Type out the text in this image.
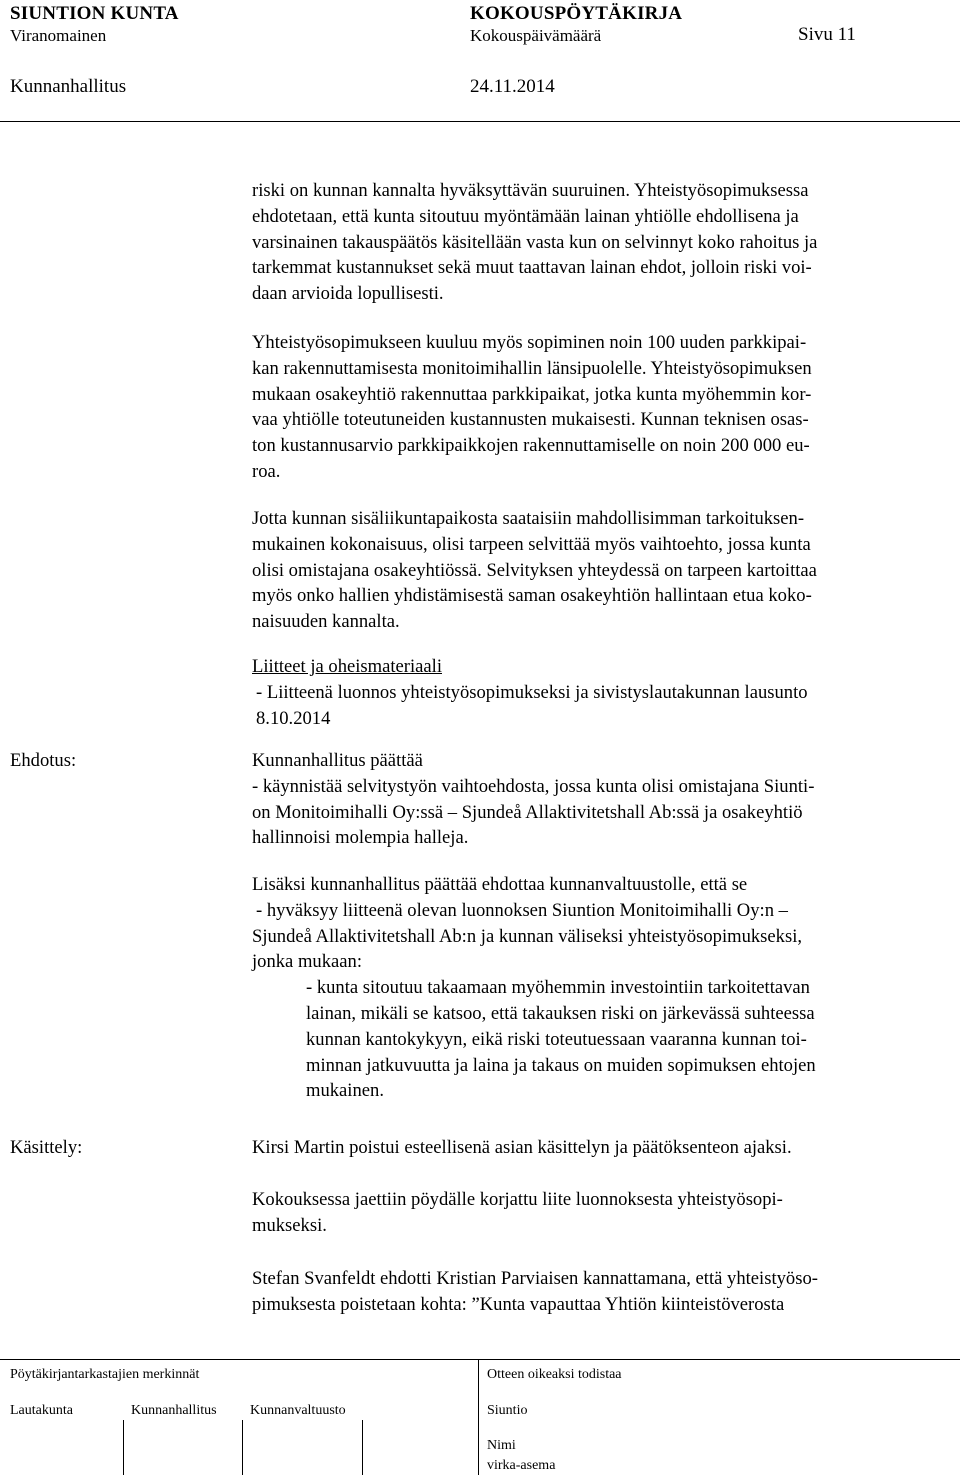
SIUNTION KUNTA	KOKOUSPÖYTÄKIRJA
Viranomainen	Kokouspäivämäärä	Sivu 11
Kunnanhallitus	24.11.2014
riski on kunnan kannalta hyväksyttävän suuruinen. Yhteistyösopimuksessa
ehdotetaan, että kunta sitoutuu myöntämään lainan yhtiölle ehdollisena ja
varsinainen takauspäätös käsitellään vasta kun on selvinnyt koko rahoitus ja
tarkemmat kustannukset sekä muut taattavan lainan ehdot, jolloin riski voi-
daan arvioida lopullisesti.
Yhteistyösopimukseen kuuluu myös sopiminen noin 100 uuden parkkipai-
kan rakennuttamisesta monitoimihallin länsipuolelle. Yhteistyösopimuksen
mukaan osakeyhtiö rakennuttaa parkkipaikat, jotka kunta myöhemmin kor-
vaa yhtiölle toteutuneiden kustannusten mukaisesti. Kunnan teknisen osas-
ton kustannusarvio parkkipaikkojen rakennuttamiselle on noin 200 000 eu-
roa.
Jotta kunnan sisäliikuntapaikosta saataisiin mahdollisimman tarkoituksen-
mukainen kokonaisuus, olisi tarpeen selvittää myös vaihtoehto, jossa kunta
olisi omistajana osakeyhtiössä. Selvityksen yhteydessä on tarpeen kartoittaa
myös onko hallien yhdistämisestä saman osakeyhtiön hallintaan etua koko-
naisuuden kannalta.
Liitteet ja oheismateriaali
- Liitteenä luonnos yhteistyösopimukseksi ja sivistyslautakunnan lausunto
8.10.2014
Ehdotus:	Kunnanhallitus päättää
- käynnistää selvitystyön vaihtoehdosta, jossa kunta olisi omistajana Siunti-
on Monitoimihalli Oy:ssä – Sjundeå Allaktivitetshall Ab:ssä ja osakeyhtiö
hallinnoisi molempia halleja.
Lisäksi kunnanhallitus päättää ehdottaa kunnanvaltuustolle, että se
- hyväksyy liitteenä olevan luonnoksen Siuntion Monitoimihalli Oy:n –
Sjundeå Allaktivitetshall Ab:n ja kunnan väliseksi yhteistyösopimukseksi,
jonka mukaan:
- kunta sitoutuu takaamaan myöhemmin investointiin tarkoitettavan
lainan, mikäli se katsoo, että takauksen riski on järkevässä suhteessa
kunnan kantokykyyn, eikä riski toteutuessaan vaaranna kunnan toi-
minnan jatkuvuutta ja laina ja takaus on muiden sopimuksen ehtojen
mukainen.
Käsittely:	Kirsi Martin poistui esteellisenä asian käsittelyn ja päätöksenteon ajaksi.
Kokouksessa jaettiin pöydälle korjattu liite luonnoksesta yhteistyösopi-
mukseksi.
Stefan Svanfeldt ehdotti Kristian Parviaisen kannattamana, että yhteistyöso-
pimuksesta poistetaan kohta: ”Kunta vapauttaa Yhtiön kiinteistöverosta
Pöytäkirjantarkastajien merkinnät	Otteen oikeaksi todistaa
Lautakunta	Kunnanhallitus Kunnanvaltuusto	Siuntio
Nimi
virka-asema
